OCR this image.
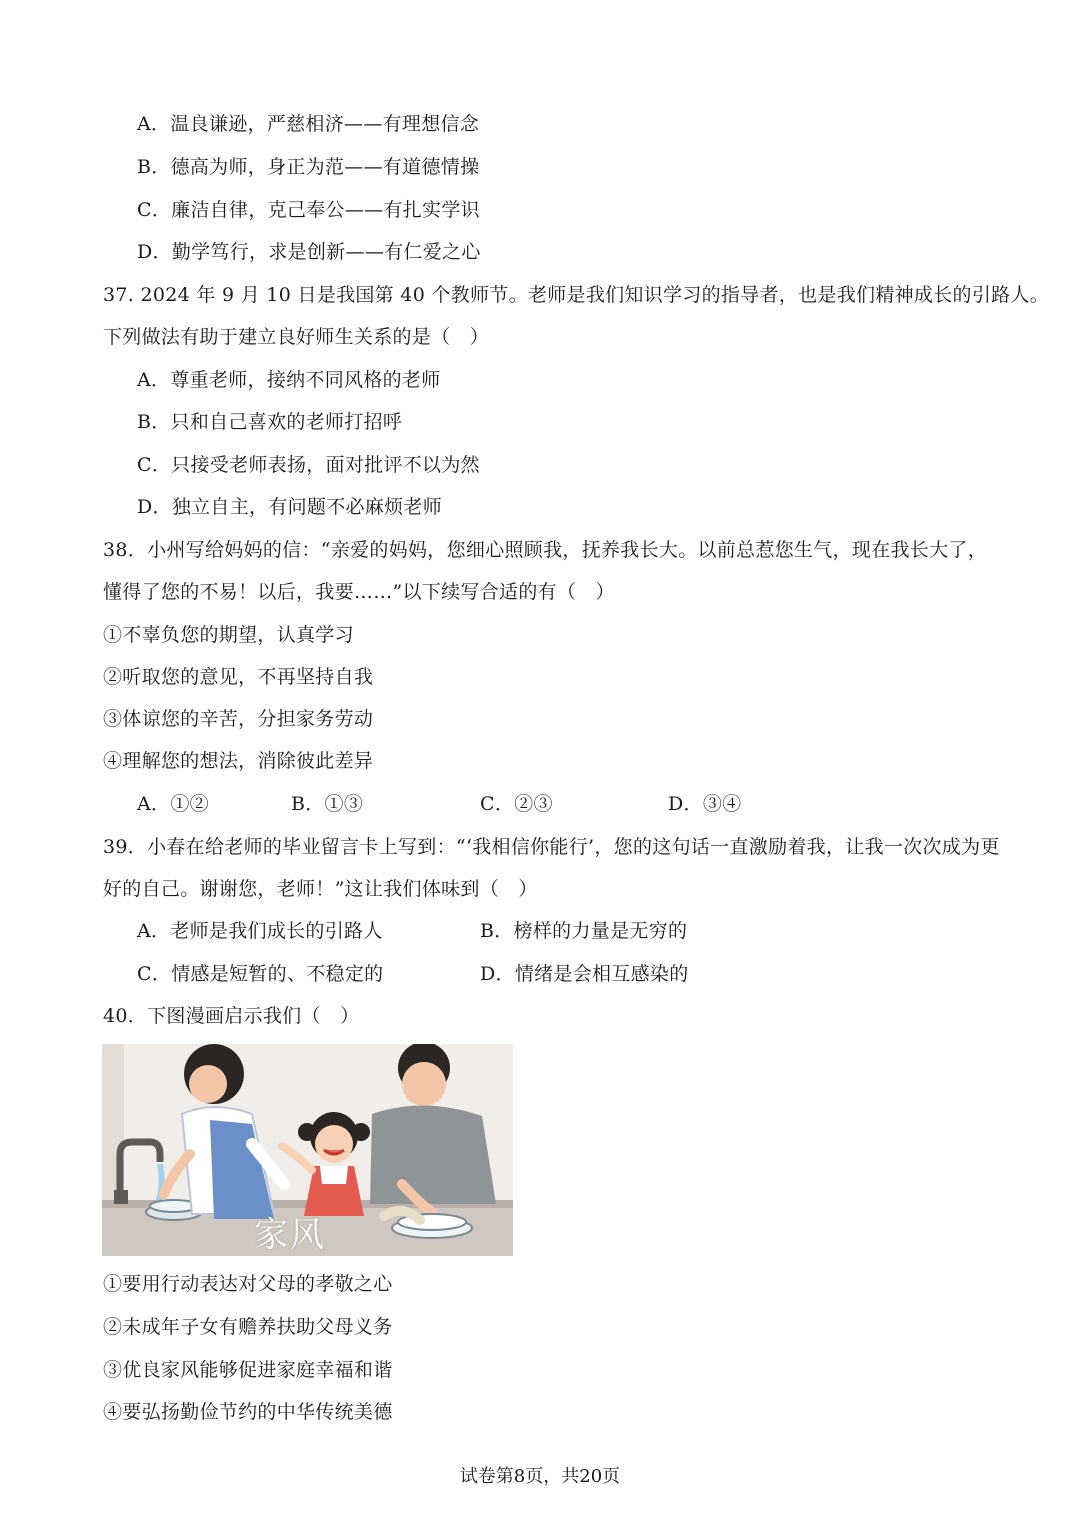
A．温良谦逊，严慈相济——有理想信念
B．德高为师，身正为范——有道德情操
C．廉洁自律，克己奉公——有扎实学识
D．勤学笃行，求是创新——有仁爱之心
37. 2024 年 9 月 10 日是我国第 40 个教师节。老师是我们知识学习的指导者，也是我们精神成长的引路人。
下列做法有助于建立良好师生关系的是（　）
A．尊重老师，接纳不同风格的老师
B．只和自己喜欢的老师打招呼
C．只接受老师表扬，面对批评不以为然
D．独立自主，有问题不必麻烦老师
38．小州写给妈妈的信：“亲爱的妈妈，您细心照顾我，抚养我长大。以前总惹您生气，现在我长大了，
懂得了您的不易！以后，我要……”以下续写合适的有（　）
①不辜负您的期望，认真学习
②听取您的意见，不再坚持自我
③体谅您的辛苦，分担家务劳动
④理解您的想法，消除彼此差异
A．①②	B．①③	C．②③	D．③④
39．小春在给老师的毕业留言卡上写到：“‘我相信你能行’，您的这句话一直激励着我，让我一次次成为更
好的自己。谢谢您，老师！”这让我们体味到（　）
A．老师是我们成长的引路人	B．榜样的力量是无穷的
C．情感是短暂的、不稳定的	D．情绪是会相互感染的
40．下图漫画启示我们（　）
家风
①要用行动表达对父母的孝敬之心
②未成年子女有赡养扶助父母义务
③优良家风能够促进家庭幸福和谐
④要弘扬勤俭节约的中华传统美德
试卷第8页，共20页
